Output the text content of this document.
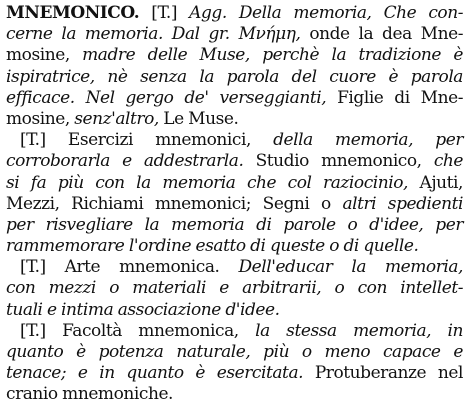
MNEMONICO. [T.] Agg. Della memoria, Che con-
cerne la memoria. Dal gr. Μνήμη, onde la dea Mne-
mosine, madre delle Muse, perchè la tradizione è
ispiratrice, nè senza la parola del cuore è parola
efficace. Nel gergo de' verseggianti, Figlie di Mne-
mosine, senz'altro, Le Muse.
[T.] Esercizi mnemonici, della memoria, per
corroborarla e addestrarla. Studio mnemonico, che
si fa più con la memoria che col raziocinio, Ajuti,
Mezzi, Richiami mnemonici; Segni o altri spedienti
per risvegliare la memoria di parole o d'idee, per
rammemorare l'ordine esatto di queste o di quelle.
[T.] Arte mnemonica. Dell'educar la memoria,
con mezzi o materiali e arbitrarii, o con intellet-
tuali e intima associazione d'idee.
[T.] Facoltà mnemonica, la stessa memoria, in
quanto è potenza naturale, più o meno capace e
tenace; e in quanto è esercitata. Protuberanze nel
cranio mnemoniche.
